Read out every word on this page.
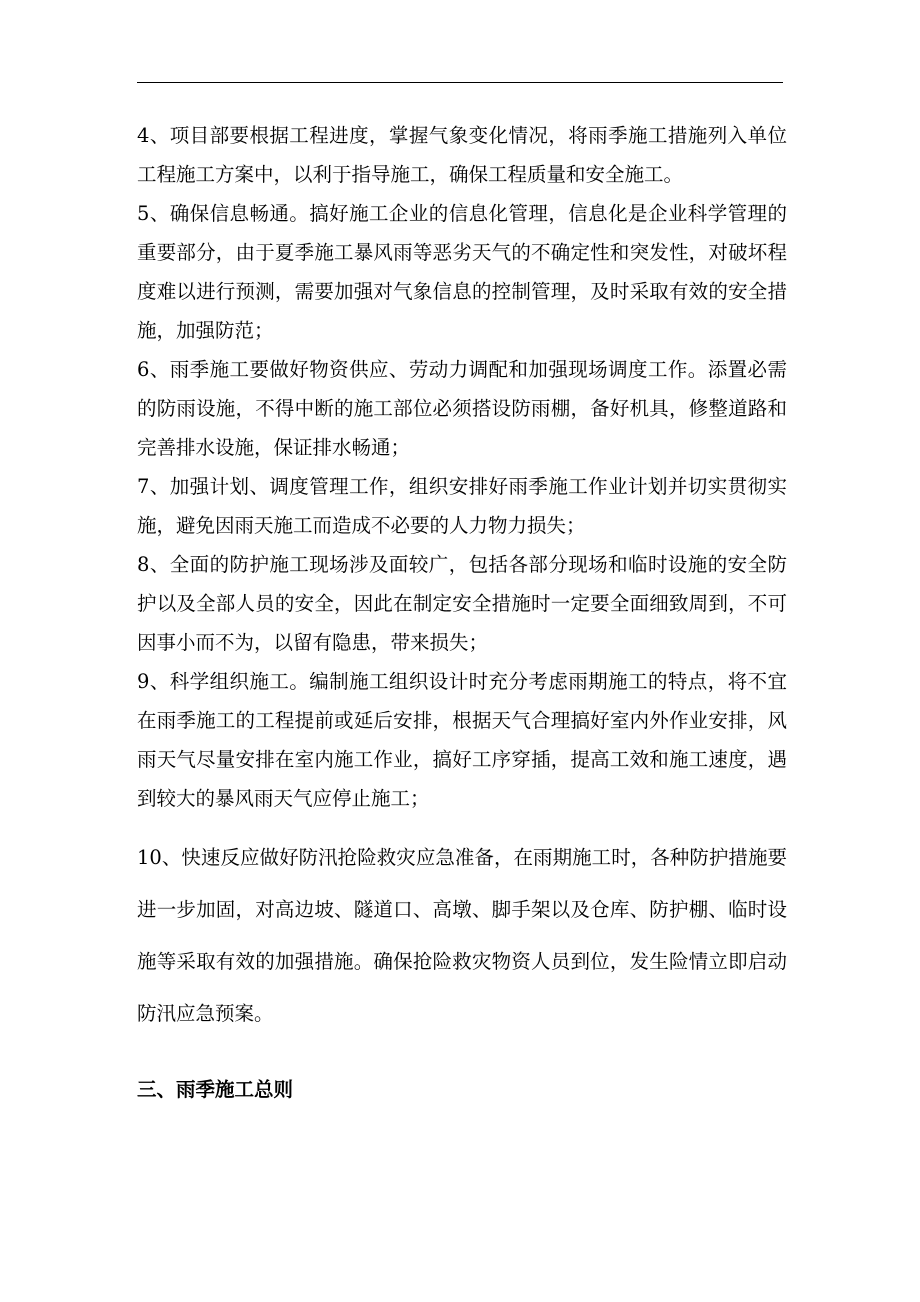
4、项目部要根据工程进度，掌握气象变化情况，将雨季施工措施列入单位工程施工方案中，以利于指导施工，确保工程质量和安全施工。

5、确保信息畅通。搞好施工企业的信息化管理，信息化是企业科学管理的重要部分，由于夏季施工暴风雨等恶劣天气的不确定性和突发性，对破坏程度难以进行预测，需要加强对气象信息的控制管理，及时采取有效的安全措施，加强防范；

6、雨季施工要做好物资供应、劳动力调配和加强现场调度工作。添置必需的防雨设施，不得中断的施工部位必须搭设防雨棚，备好机具，修整道路和完善排水设施，保证排水畅通；

7、加强计划、调度管理工作，组织安排好雨季施工作业计划并切实贯彻实施，避免因雨天施工而造成不必要的人力物力损失；

8、全面的防护施工现场涉及面较广，包括各部分现场和临时设施的安全防护以及全部人员的安全，因此在制定安全措施时一定要全面细致周到，不可因事小而不为，以留有隐患，带来损失；

9、科学组织施工。编制施工组织设计时充分考虑雨期施工的特点，将不宜在雨季施工的工程提前或延后安排，根据天气合理搞好室内外作业安排，风雨天气尽量安排在室内施工作业，搞好工序穿插，提高工效和施工速度，遇到较大的暴风雨天气应停止施工；

10、快速反应做好防汛抢险救灾应急准备，在雨期施工时，各种防护措施要进一步加固，对高边坡、隧道口、高墩、脚手架以及仓库、防护棚、临时设施等采取有效的加强措施。确保抢险救灾物资人员到位，发生险情立即启动防汛应急预案。

三、雨季施工总则
